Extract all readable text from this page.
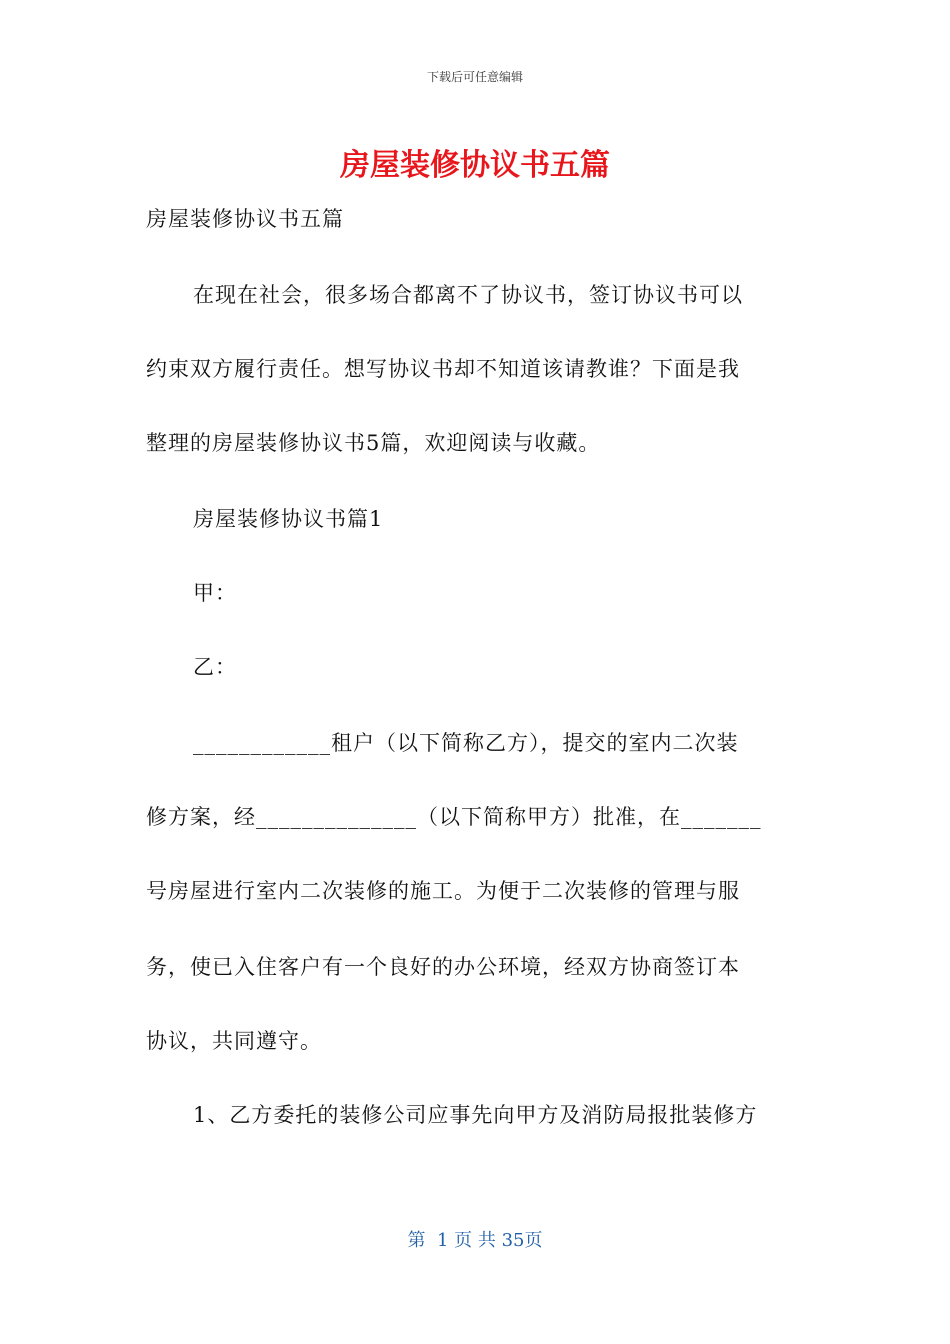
下载后可任意编辑
房屋装修协议书五篇
房屋装修协议书五篇
在现在社会，很多场合都离不了协议书，签订协议书可以
约束双方履行责任。想写协议书却不知道该请教谁？下面是我
整理的房屋装修协议书5篇，欢迎阅读与收藏。
房屋装修协议书篇1
甲：
乙：
____________租户（以下简称乙方），提交的室内二次装
修方案，经______________（以下简称甲方）批准，在_______
号房屋进行室内二次装修的施工。为便于二次装修的管理与服
务，使已入住客户有一个良好的办公环境，经双方协商签订本
协议，共同遵守。
1、乙方委托的装修公司应事先向甲方及消防局报批装修方
第  1 页 共 35页
